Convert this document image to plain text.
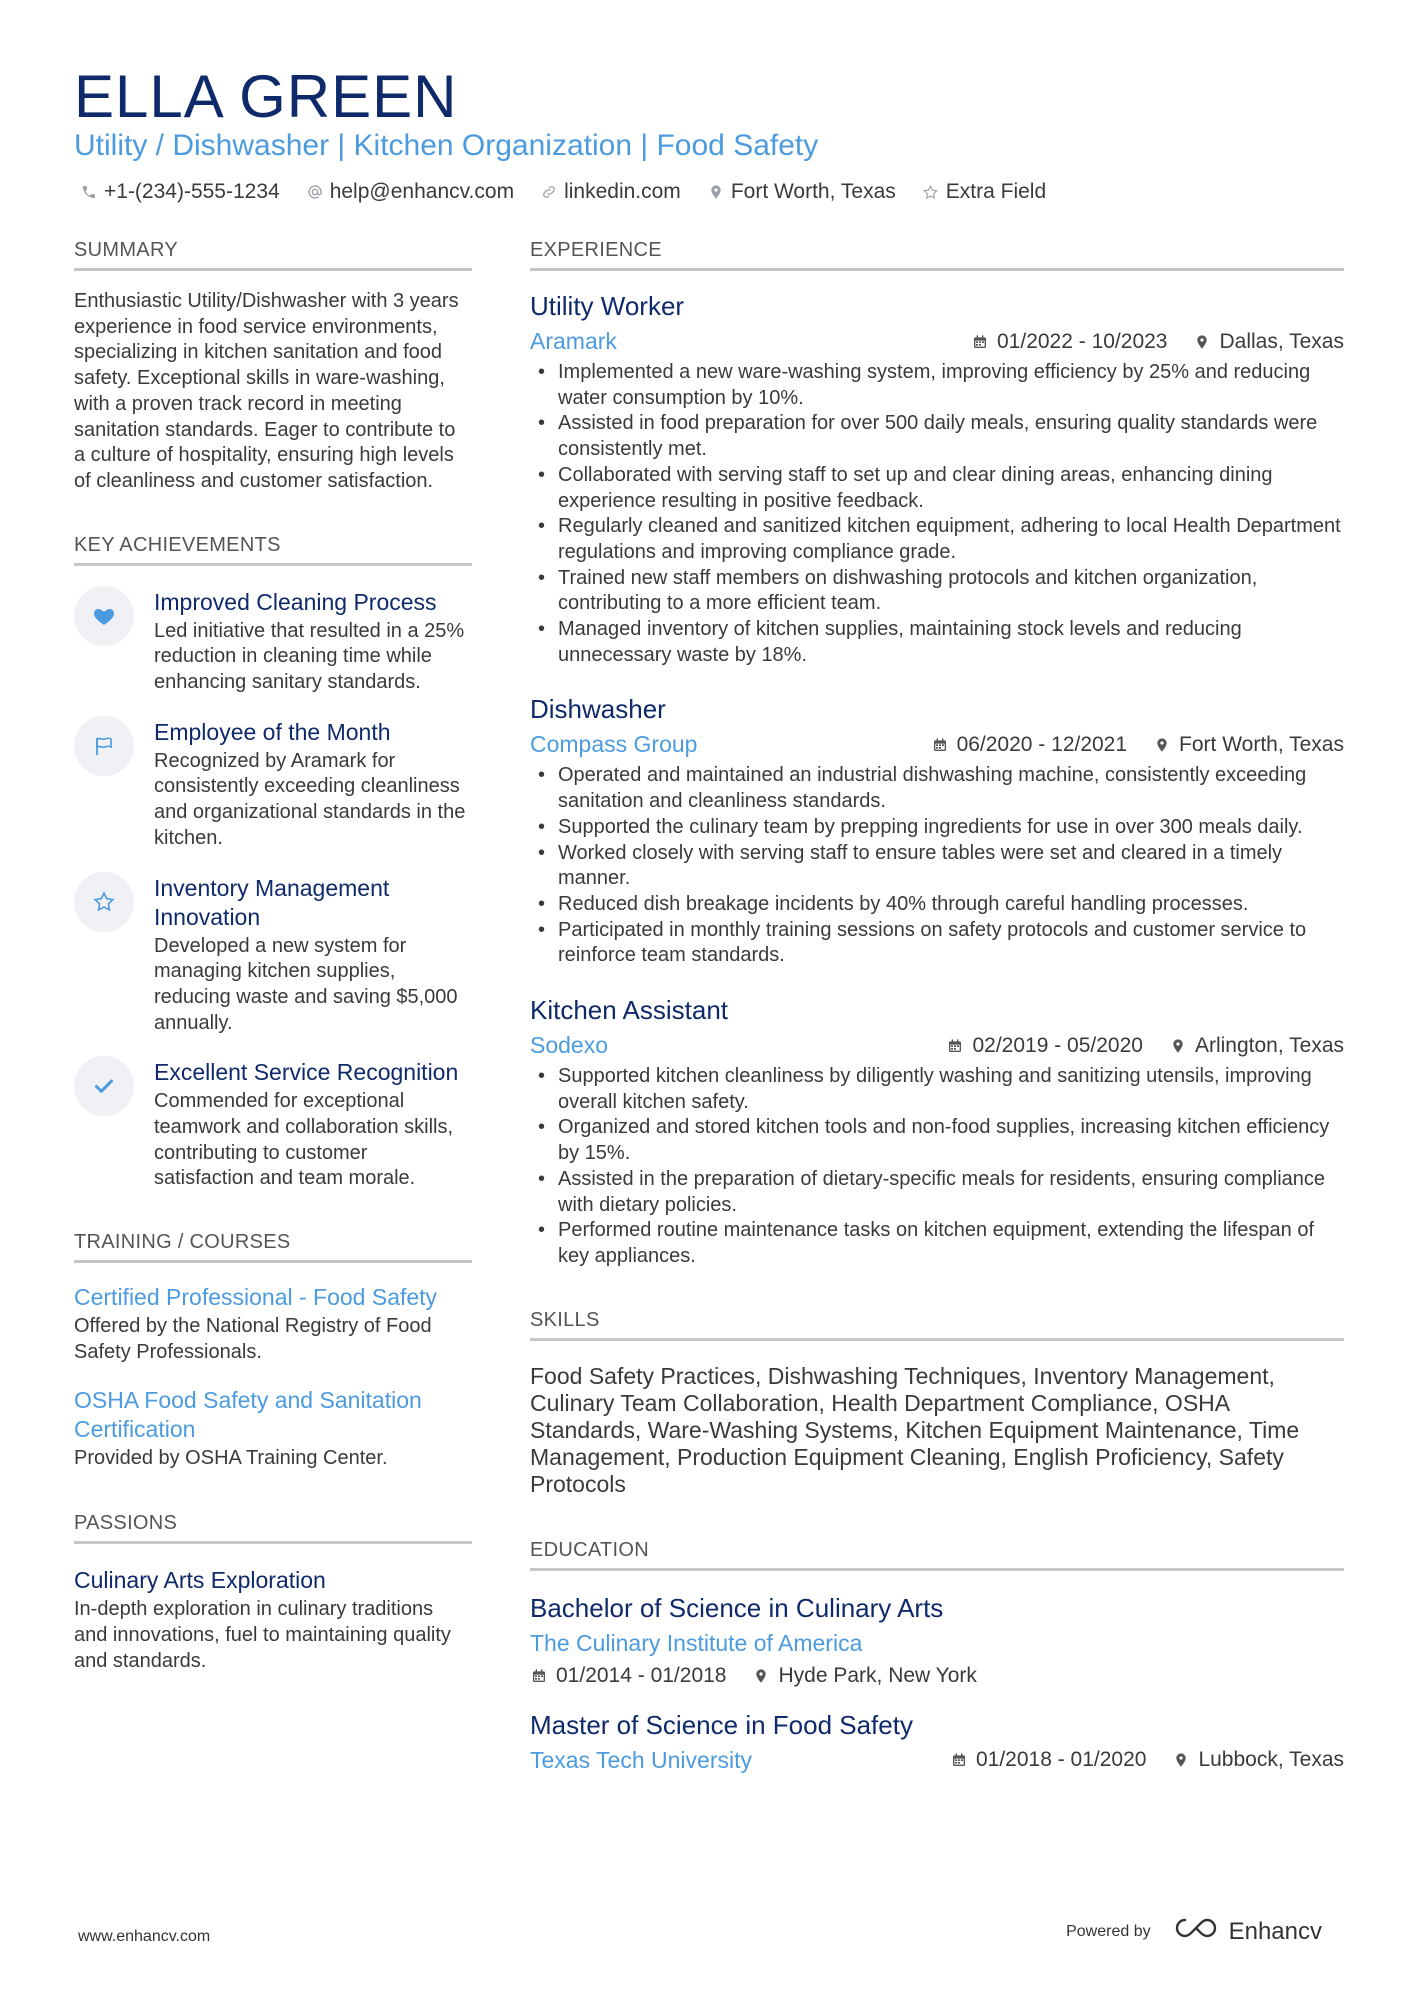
ELLA GREEN
Utility / Dishwasher | Kitchen Organization | Food Safety
+1-(234)-555-1234 help@enhancv.com linkedin.com Fort Worth, Texas Extra Field
SUMMARY

Enthusiastic Utility/Dishwasher with 3 years experience in food service environments, specializing in kitchen sanitation and food safety. Exceptional skills in ware-washing, with a proven track record in meeting sanitation standards. Eager to contribute to a culture of hospitality, ensuring high levels of cleanliness and customer satisfaction.

KEY ACHIEVEMENTS
Improved Cleaning Process
Led initiative that resulted in a 25% reduction in cleaning time while enhancing sanitary standards.
Employee of the Month
Recognized by Aramark for consistently exceeding cleanliness and organizational standards in the kitchen.
Inventory Management Innovation
Developed a new system for managing kitchen supplies, reducing waste and saving $5,000 annually.
Excellent Service Recognition
Commended for exceptional teamwork and collaboration skills, contributing to customer satisfaction and team morale.
TRAINING / COURSES
Certified Professional - Food Safety
Offered by the National Registry of Food Safety Professionals.
OSHA Food Safety and Sanitation Certification
Provided by OSHA Training Center.
PASSIONS
Culinary Arts Exploration
In-depth exploration in culinary traditions and innovations, fuel to maintaining quality and standards.
EXPERIENCE
Utility Worker
Aramark	01/2022 - 10/2023 Dallas, Texas
• Implemented a new ware-washing system, improving efficiency by 25% and reducing water consumption by 10%.
• Assisted in food preparation for over 500 daily meals, ensuring quality standards were consistently met.
• Collaborated with serving staff to set up and clear dining areas, enhancing dining experience resulting in positive feedback.
• Regularly cleaned and sanitized kitchen equipment, adhering to local Health Department regulations and improving compliance grade.
• Trained new staff members on dishwashing protocols and kitchen organization, contributing to a more efficient team.
• Managed inventory of kitchen supplies, maintaining stock levels and reducing unnecessary waste by 18%.
Dishwasher
Compass Group	06/2020 - 12/2021 Fort Worth, Texas
• Operated and maintained an industrial dishwashing machine, consistently exceeding sanitation and cleanliness standards.
• Supported the culinary team by prepping ingredients for use in over 300 meals daily.
• Worked closely with serving staff to ensure tables were set and cleared in a timely manner.
• Reduced dish breakage incidents by 40% through careful handling processes.
• Participated in monthly training sessions on safety protocols and customer service to reinforce team standards.
Kitchen Assistant
Sodexo	02/2019 - 05/2020 Arlington, Texas
• Supported kitchen cleanliness by diligently washing and sanitizing utensils, improving overall kitchen safety.
• Organized and stored kitchen tools and non-food supplies, increasing kitchen efficiency by 15%.
• Assisted in the preparation of dietary-specific meals for residents, ensuring compliance with dietary policies.
• Performed routine maintenance tasks on kitchen equipment, extending the lifespan of key appliances.
SKILLS

Food Safety Practices, Dishwashing Techniques, Inventory Management, Culinary Team Collaboration, Health Department Compliance, OSHA Standards, Ware-Washing Systems, Kitchen Equipment Maintenance, Time Management, Production Equipment Cleaning, English Proficiency, Safety Protocols

EDUCATION
Bachelor of Science in Culinary Arts
The Culinary Institute of America
01/2014 - 01/2018 Hyde Park, New York
Master of Science in Food Safety
Texas Tech University	01/2018 - 01/2020 Lubbock, Texas
www.enhancv.com	Powered by	Enhancv
